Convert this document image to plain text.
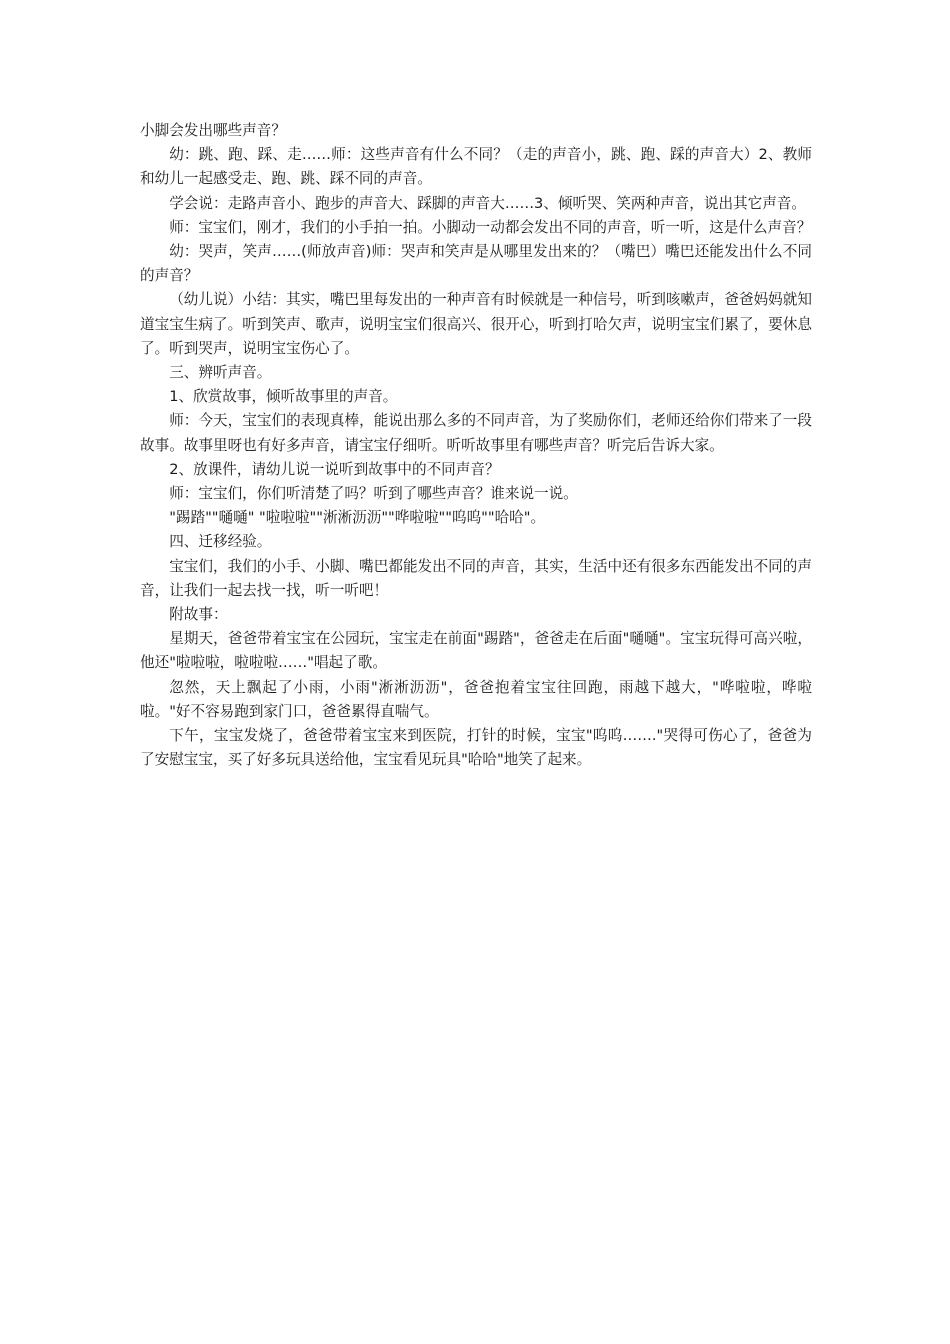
小脚会发出哪些声音？

幼：跳、跑、踩、走……师：这些声音有什么不同？（走的声音小，跳、跑、踩的声音大）2、教师和幼儿一起感受走、跑、跳、踩不同的声音。

学会说：走路声音小、跑步的声音大、踩脚的声音大……3、倾听哭、笑两种声音，说出其它声音。

师：宝宝们，刚才，我们的小手拍一拍。小脚动一动都会发出不同的声音，听一听，这是什么声音？

幼：哭声，笑声……(师放声音)师：哭声和笑声是从哪里发出来的？（嘴巴）嘴巴还能发出什么不同的声音？

（幼儿说）小结：其实，嘴巴里每发出的一种声音有时候就是一种信号，听到咳嗽声，爸爸妈妈就知道宝宝生病了。听到笑声、歌声，说明宝宝们很高兴、很开心，听到打哈欠声，说明宝宝们累了，要休息了。听到哭声，说明宝宝伤心了。

三、辨听声音。

1、欣赏故事，倾听故事里的声音。

师：今天，宝宝们的表现真棒，能说出那么多的不同声音，为了奖励你们，老师还给你们带来了一段故事。故事里呀也有好多声音，请宝宝仔细听。听听故事里有哪些声音？听完后告诉大家。

2、放课件，请幼儿说一说听到故事中的不同声音？

师：宝宝们，你们听清楚了吗？听到了哪些声音？谁来说一说。

"踢踏""嗵嗵" "啦啦啦""淅淅沥沥""哗啦啦""呜呜""哈哈"。

四、迁移经验。

宝宝们，我们的小手、小脚、嘴巴都能发出不同的声音，其实，生活中还有很多东西能发出不同的声音，让我们一起去找一找，听一听吧！

附故事：

星期天，爸爸带着宝宝在公园玩，宝宝走在前面"踢踏"，爸爸走在后面"嗵嗵"。宝宝玩得可高兴啦，他还"啦啦啦，啦啦啦……"唱起了歌。

忽然，天上飘起了小雨，小雨"淅淅沥沥"，爸爸抱着宝宝往回跑，雨越下越大，"哗啦啦，哗啦啦。"好不容易跑到家门口，爸爸累得直喘气。

下午，宝宝发烧了，爸爸带着宝宝来到医院，打针的时候，宝宝"呜呜……."哭得可伤心了，爸爸为了安慰宝宝，买了好多玩具送给他，宝宝看见玩具"哈哈"地笑了起来。
